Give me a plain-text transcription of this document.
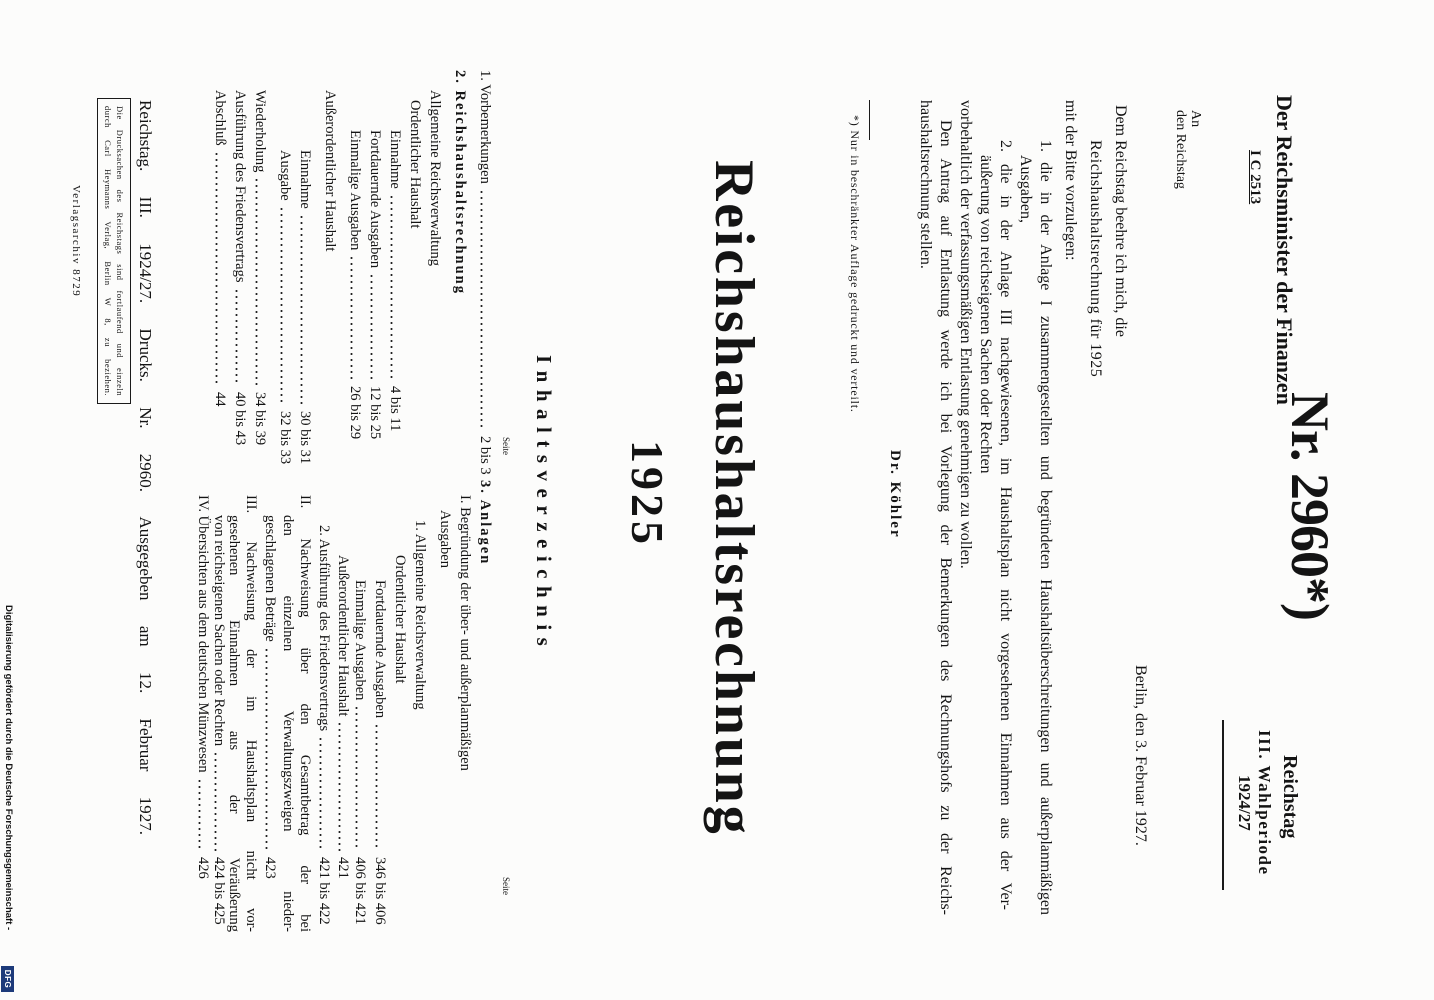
Nr. 2960*)
Der Reichsminister der Finanzen
I C 2513
Reichstag
III. Wahlperiode
1924/27
An
den Reichstag
Berlin, den 3. Februar 1927.
Dem Reichstag beehre ich mich, die
Reichshaushaltsrechnung für 1925
mit der Bitte vorzulegen:
1. die in der Anlage I zusammengestellten und begründeten Haushaltsüberschreitungen und außerplanmäßigen
Ausgaben,
2. die in der Anlage III nachgewiesenen, im Haushaltsplan nicht vorgesehenen Einnahmen aus der Ver-
äußerung von reichseigenen Sachen oder Rechten
vorbehaltlich der verfassungsmäßigen Entlastung genehmigen zu wollen.
Den Antrag auf Entlastung werde ich bei Vorlegung der Bemerkungen des Rechnungshofs zu der Reichs-
haushaltsrechnung stellen.
Dr. Köhler
*) Nur in beschränkter Auflage gedruckt und verteilt.
Reichshaushaltsrechnung
1925
Inhaltsverzeichnis
Seite
Seite
1. Vorbemerkungen
2 bis 3
2. Reichshaushaltsrechnung
Allgemeine Reichsverwaltung
Ordentlicher Haushalt
Einnahme
4 bis 11
Fortdauernde Ausgaben
12 bis 25
Einmalige Ausgaben
26 bis 29
Außerordentlicher Haushalt
Einnahme
30 bis 31
Ausgabe
32 bis 33
Wiederholung
34 bis 39
Ausführung des Friedensvertrags
40 bis 43
Abschluß
44
3. Anlagen
I. Begründung der über- und außerplanmäßigen
Ausgaben
1. Allgemeine Reichsverwaltung
Ordentlicher Haushalt
Fortdauernde Ausgaben
346 bis 406
Einmalige Ausgaben
406 bis 421
Außerordentlicher Haushalt
421
2. Ausführung des Friedensvertrags
421 bis 422
II. Nachweisung über den Gesamtbetrag der bei
den einzelnen Verwaltungszweigen nieder-
geschlagenen Beträge
423
III. Nachweisung der im Haushaltsplan nicht vor-
gesehenen Einnahmen aus der Veräußerung
von reichseigenen Sachen oder Rechten
424 bis 425
IV. Übersichten aus dem deutschen Münzwesen
426
Reichstag. III. 1924/27. Drucks. Nr. 2960. Ausgegeben am 12. Februar 1927.
Die Drucksachen des Reichstags sind fortlaufend und einzeln
durch Carl Heymanns Verlag, Berlin W 8, zu beziehen.
Verlagsarchiv 8729
Digitalisierung gefördert durch die Deutsche Forschungsgemeinschaft -
DFG
